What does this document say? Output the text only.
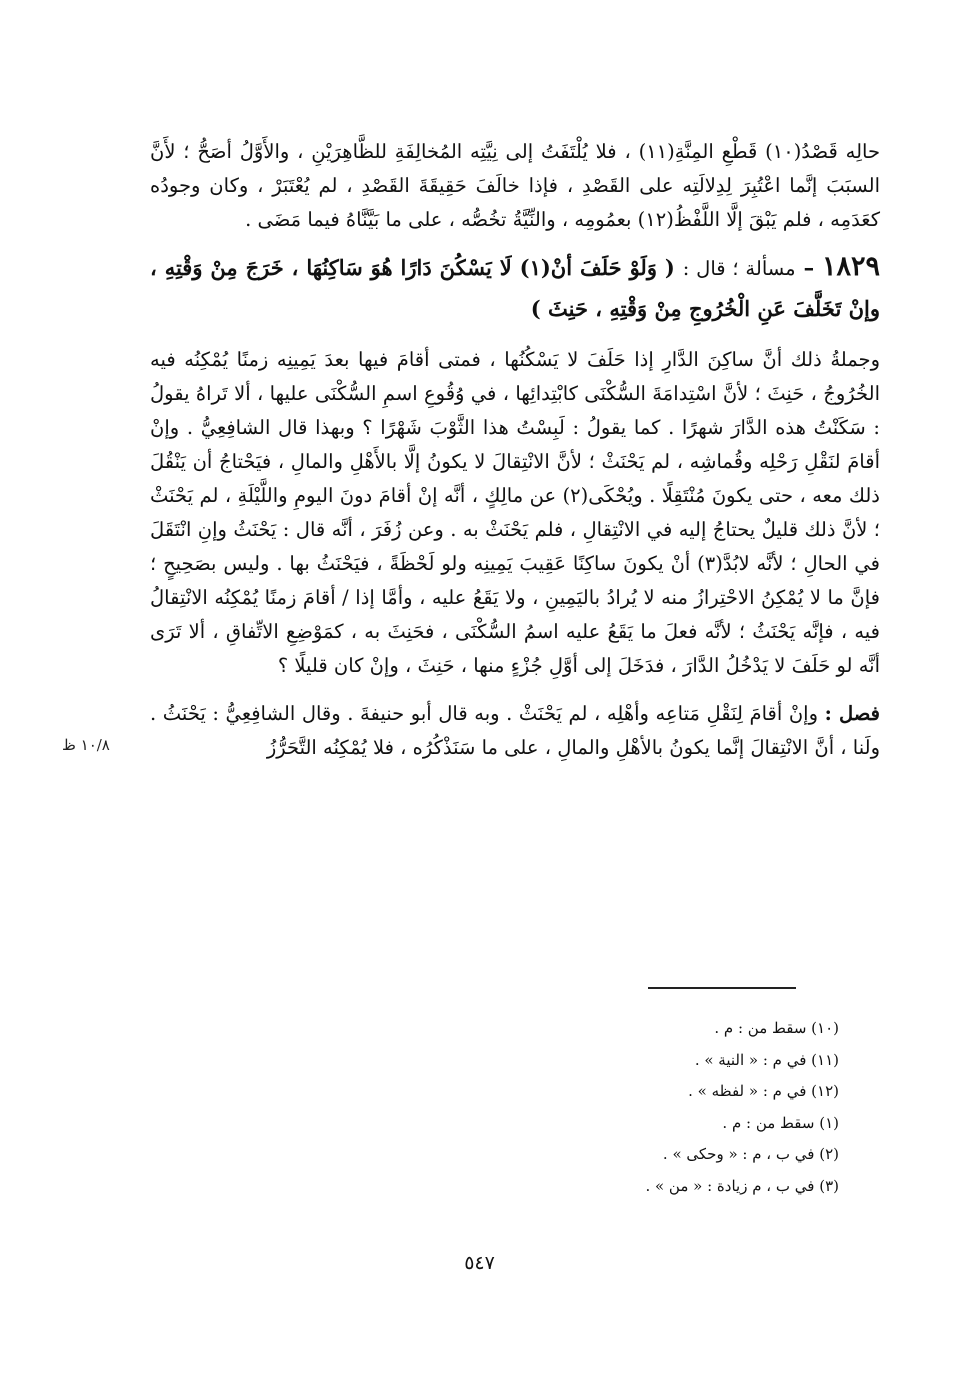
حالِه قَصْدُ(١٠) قَطْعِ المِنَّةِ(١١) ، فلا يُلْتَفَتُ إلى نِيَّتِه المُخالِفَةِ للظَّاهِرَيْنِ ، والأَوَّلُ أصَحُّ ؛ لأَنَّ السبَبَ إنَّما اعْتُبِرَ لِدِلالَتِه على القَصْدِ ، فإذا خالَفَ حَقِيقَةَ القَصْدِ ، لم يُعْتَبَرْ ، وكان وجودُه كعَدَمِه ، فلم يَبْقَ إلَّا اللَّفْظُ(١٢) بعمُومِه ، والنِّيَّةُ تخُصُّه ، على ما بَيَّنَّاهُ فيما مَضَى .

١٨٢٩ – مسألة ؛ قال : ( وَلَوْ حَلَفَ أنْ(١) لَا يَسْكُنَ دَارًا هُوَ سَاكِنُهَا ، خَرَجَ مِنْ وَقْتِهِ ، وإنْ تَخَلَّفَ عَنِ الْخُرُوجِ مِنْ وَقْتِهِ ، حَنِثَ )

وجملةُ ذلك أنَّ ساكِنَ الدَّارِ إذا حَلَفَ لا يَسْكُنُها ، فمتى أقامَ فيها بعدَ يَمِينِه زمنًا يُمْكِنُه فيه الخُرُوجُ ، حَنِثَ ؛ لأنَّ اسْتِدامَةَ السُّكْنَى كابْتِدائِها ، في وُقُوعِ اسمِ السُّكْنَى عليها ، ألا تَراهُ يقولُ : سَكَنْتُ هذه الدَّارَ شهرًا . كما يقولُ : لَبِسْتُ هذا الثَّوْبَ شَهْرًا ؟ وبهذا قال الشافِعِيُّ . وإنْ أقامَ لنَقْلِ رَحْلِه وقُماشِه ، لم يَحْنَثْ ؛ لأنَّ الانْتِقالَ لا يكونُ إلَّا بالأَهْلِ والمالِ ، فيَحْتاجُ أن يَنْقُلَ ذلك معه ، حتى يكونَ مُنْتَقِلًا . ويُحْكَى(٢) عن مالِكٍ ، أنَّه إنْ أقامَ دونَ اليومِ واللَّيْلَةِ ، لم يَحْنَثْ ؛ لأنَّ ذلك قليلٌ يحتاجُ إليه في الانْتِقالِ ، فلم يَحْنَثْ به . وعن زُفَرَ ، أنَّه قال : يَحْنَثُ وإنِ انْتَقَلَ في الحالِ ؛ لأنَّه لابُدَّ(٣) أنْ يكونَ ساكِنًا عَقِيبَ يَمِينِه ولو لَحْظَةً ، فيَحْنَثُ بها . وليس بصَحِيحٍ ؛ فإنَّ ما لا يُمْكِنُ الاحْتِرازُ منه لا يُرادُ باليَمِينِ ، ولا يَقَعُ عليه ، وأمَّا إذا / أقامَ زمنًا يُمْكِنُه الانْتِقالُ فيه ، فإنَّه يَحْنَثُ ؛ لأنَّه فعلَ ما يَقَعُ عليه اسمُ السُّكْنَى ، فحَنِثَ به ، كمَوْضِعِ الاتِّفاقِ ، ألا تَرَى أنَّه لو حَلَفَ لا يَدْخُلُ الدَّارَ ، فدَخَلَ إلى أوَّلِ جُزْءٍ منها ، حَنِثَ ، وإنْ كان قليلًا ؟

فصل : وإنْ أقامَ لِنَقْلِ مَتاعِه وأهْلِه ، لم يَحْنَثْ . وبه قال أبو حنيفةَ . وقال الشافِعِيُّ : يَحْنَثُ . ولَنا ، أنَّ الانْتِقالَ إنَّما يكونُ بالأهْلِ والمالِ ، على ما سَنَذْكُرُه ، فلا يُمْكِنُه التَّحَرُّزُ

١٠/٨ ظ
(١٠) سقط من : م .
(١١) في م : « النية » .
(١٢) في م : « لفظه » .
(١) سقط من : م .
(٢) في ب ، م : « وحكى » .
(٣) في ب ، م زيادة : « من » .
٥٤٧
